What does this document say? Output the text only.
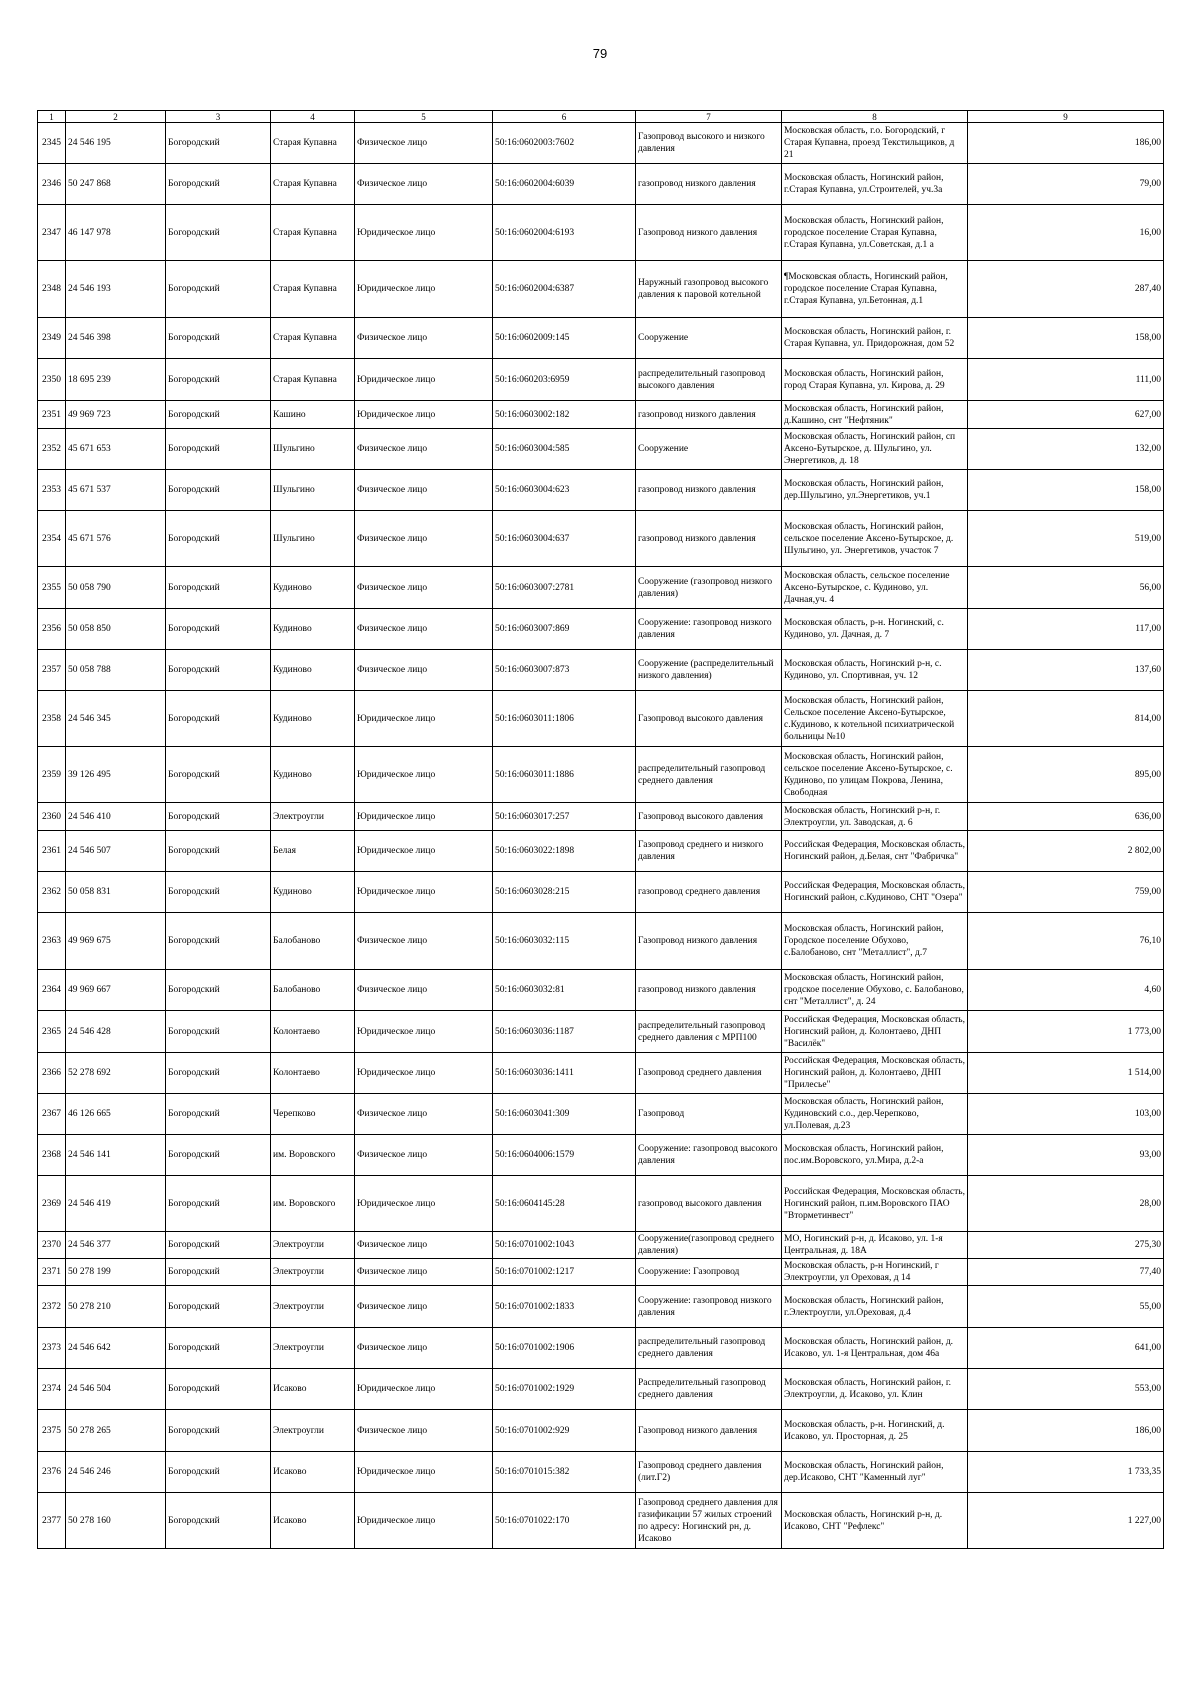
79
1	2	3	4	5	6	7	8	9
2345	24 546 195	Богородский	Старая Купавна	Физическое лицо	50:16:0602003:7602	Газопровод высокого и низкого давления	Московская область, г.о. Богородский, г Старая Купавна, проезд Текстильщиков, д 21	186,00
2346	50 247 868	Богородский	Старая Купавна	Физическое лицо	50:16:0602004:6039	газопровод низкого давления	Московская область, Ногинский район, г.Старая Купавна, ул.Строителей, уч.3а	79,00
2347	46 147 978	Богородский	Старая Купавна	Юридическое лицо	50:16:0602004:6193	Газопровод низкого давления	Московская область, Ногинский район, городское поселение Старая Купавна, г.Старая Купавна, ул.Советская, д.1 а	16,00
2348	24 546 193	Богородский	Старая Купавна	Юридическое лицо	50:16:0602004:6387	Наружный газопровод высокого давления к паровой котельной	¶Московская область, Ногинский район, городское поселение Старая Купавна, г.Старая Купавна, ул.Бетонная, д.1	287,40
2349	24 546 398	Богородский	Старая Купавна	Физическое лицо	50:16:0602009:145	Сооружение	Московская область, Ногинский район, г. Старая Купавна, ул. Придорожная, дом 52	158,00
2350	18 695 239	Богородский	Старая Купавна	Юридическое лицо	50:16:060203:6959	распределительный газопровод высокого давления	Московская область, Ногинский район, город Старая Купавна, ул. Кирова, д. 29	111,00
2351	49 969 723	Богородский	Кашино	Юридическое лицо	50:16:0603002:182	газопровод низкого давления	Московская область, Ногинский район, д.Кашино, снт "Нефтяник"	627,00
2352	45 671 653	Богородский	Шульгино	Физическое лицо	50:16:0603004:585	Сооружение	Московская область, Ногинский район, сп Аксено-Бутырское, д. Шульгино, ул. Энергетиков, д. 18	132,00
2353	45 671 537	Богородский	Шульгино	Физическое лицо	50:16:0603004:623	газопровод низкого давления	Московская область, Ногинский район, дер.Шульгино, ул.Энергетиков, уч.1	158,00
2354	45 671 576	Богородский	Шульгино	Физическое лицо	50:16:0603004:637	газопровод низкого давления	Московская область, Ногинский район, сельское поселение Аксено-Бутырское, д. Шульгино, ул. Энергетиков, участок 7	519,00
2355	50 058 790	Богородский	Кудиново	Физическое лицо	50:16:0603007:2781	Сооружение (газопровод низкого давления)	Московская область, сельское поселение Аксено-Бутырское, с. Кудиново, ул. Дачная,уч. 4	56,00
2356	50 058 850	Богородский	Кудиново	Физическое лицо	50:16:0603007:869	Сооружение: газопровод низкого давления	Московская область, р-н. Ногинский, с. Кудиново, ул. Дачная, д. 7	117,00
2357	50 058 788	Богородский	Кудиново	Физическое лицо	50:16:0603007:873	Сооружение (распределительный низкого давления)	Московская область, Ногинский р-н, с. Кудиново, ул. Спортивная, уч. 12	137,60
2358	24 546 345	Богородский	Кудиново	Юридическое лицо	50:16:0603011:1806	Газопровод высокого давления	Московская область, Ногинский район, Сельское поселение Аксено-Бутырское, с.Кудиново, к котельной психиатрической больницы №10	814,00
2359	39 126 495	Богородский	Кудиново	Юридическое лицо	50:16:0603011:1886	распределительный газопровод среднего давления	Московская область, Ногинский район, сельское поселение Аксено-Бутырское, с. Кудиново, по улицам Покрова, Ленина, Свободная	895,00
2360	24 546 410	Богородский	Электроугли	Юридическое лицо	50:16:0603017:257	Газопровод высокого давления	Московская область, Ногинский р-н, г. Электроугли, ул. Заводская, д. 6	636,00
2361	24 546 507	Богородский	Белая	Юридическое лицо	50:16:0603022:1898	Газопровод среднего и низкого давления	Российская Федерация, Московская область, Ногинский район, д.Белая, снт "Фабричка"	2 802,00
2362	50 058 831	Богородский	Кудиново	Юридическое лицо	50:16:0603028:215	газопровод среднего давления	Российская Федерация, Московская область, Ногинский район, с.Кудиново, СНТ "Озера"	759,00
2363	49 969 675	Богородский	Балобаново	Физическое лицо	50:16:0603032:115	Газопровод низкого давления	Московская область, Ногинский район, Городское поселение Обухово, с.Балобаново, снт "Металлист", д.7	76,10
2364	49 969 667	Богородский	Балобаново	Физическое лицо	50:16:0603032:81	газопровод низкого давления	Московская область, Ногинский район, гродское поселение Обухово, с. Балобаново, снт "Металлист", д. 24	4,60
2365	24 546 428	Богородский	Колонтаево	Юридическое лицо	50:16:0603036:1187	распределительный газопровод среднего давления с МРП100	Российская Федерация, Московская область, Ногинский район, д. Колонтаево, ДНП "Василёк"	1 773,00
2366	52 278 692	Богородский	Колонтаево	Юридическое лицо	50:16:0603036:1411	Газопровод среднего давления	Российская Федерация, Московская область, Ногинский район, д. Колонтаево, ДНП "Прилесье"	1 514,00
2367	46 126 665	Богородский	Черепково	Физическое лицо	50:16:0603041:309	Газопровод	Московская область, Ногинский район, Кудиновский с.о., дер.Черепково, ул.Полевая, д.23	103,00
2368	24 546 141	Богородский	им. Воровского	Физическое лицо	50:16:0604006:1579	Сооружение: газопровод высокого давления	Московская область, Ногинский район, пос.им.Воровского, ул.Мира, д.2-а	93,00
2369	24 546 419	Богородский	им. Воровского	Юридическое лицо	50:16:0604145:28	газопровод высокого давления	Российская Федерация, Московская область, Ногинский район, п.им.Воровского ПАО "Вторметинвест"	28,00
2370	24 546 377	Богородский	Электроугли	Физическое лицо	50:16:0701002:1043	Сооружение(газопровод среднего давления)	МО, Ногинский р-н, д. Исаково, ул. 1-я Центральная, д. 18А	275,30
2371	50 278 199	Богородский	Электроугли	Физическое лицо	50:16:0701002:1217	Сооружение: Газопровод	Московская область, р-н Ногинский, г Электроугли, ул Ореховая, д 14	77,40
2372	50 278 210	Богородский	Электроугли	Физическое лицо	50:16:0701002:1833	Сооружение: газопровод низкого давления	Московская область, Ногинский район, г.Электроугли, ул.Ореховая, д.4	55,00
2373	24 546 642	Богородский	Электроугли	Физическое лицо	50:16:0701002:1906	распределительный газопровод среднего давления	Московская область, Ногинский район, д. Исаково, ул. 1-я Центральная, дом 46а	641,00
2374	24 546 504	Богородский	Исаково	Юридическое лицо	50:16:0701002:1929	Распределительный газопровод среднего давления	Московская область, Ногинский район, г. Электроугли, д. Исаково, ул. Клин	553,00
2375	50 278 265	Богородский	Электроугли	Физическое лицо	50:16:0701002:929	Газопровод низкого давления	Московская область, р-н. Ногинский, д. Исаково, ул. Просторная, д. 25	186,00
2376	24 546 246	Богородский	Исаково	Юридическое лицо	50:16:0701015:382	Газопровод среднего давления (лит.Г2)	Московская область, Ногинский район, дер.Исаково, СНТ "Каменный луг"	1 733,35
2377	50 278 160	Богородский	Исаково	Юридическое лицо	50:16:0701022:170	Газопровод среднего давления для газификации 57 жилых строений по адресу: Ногинский рн, д. Исаково	Московская область, Ногинский р-н, д. Исаково, СНТ "Рефлекс"	1 227,00
